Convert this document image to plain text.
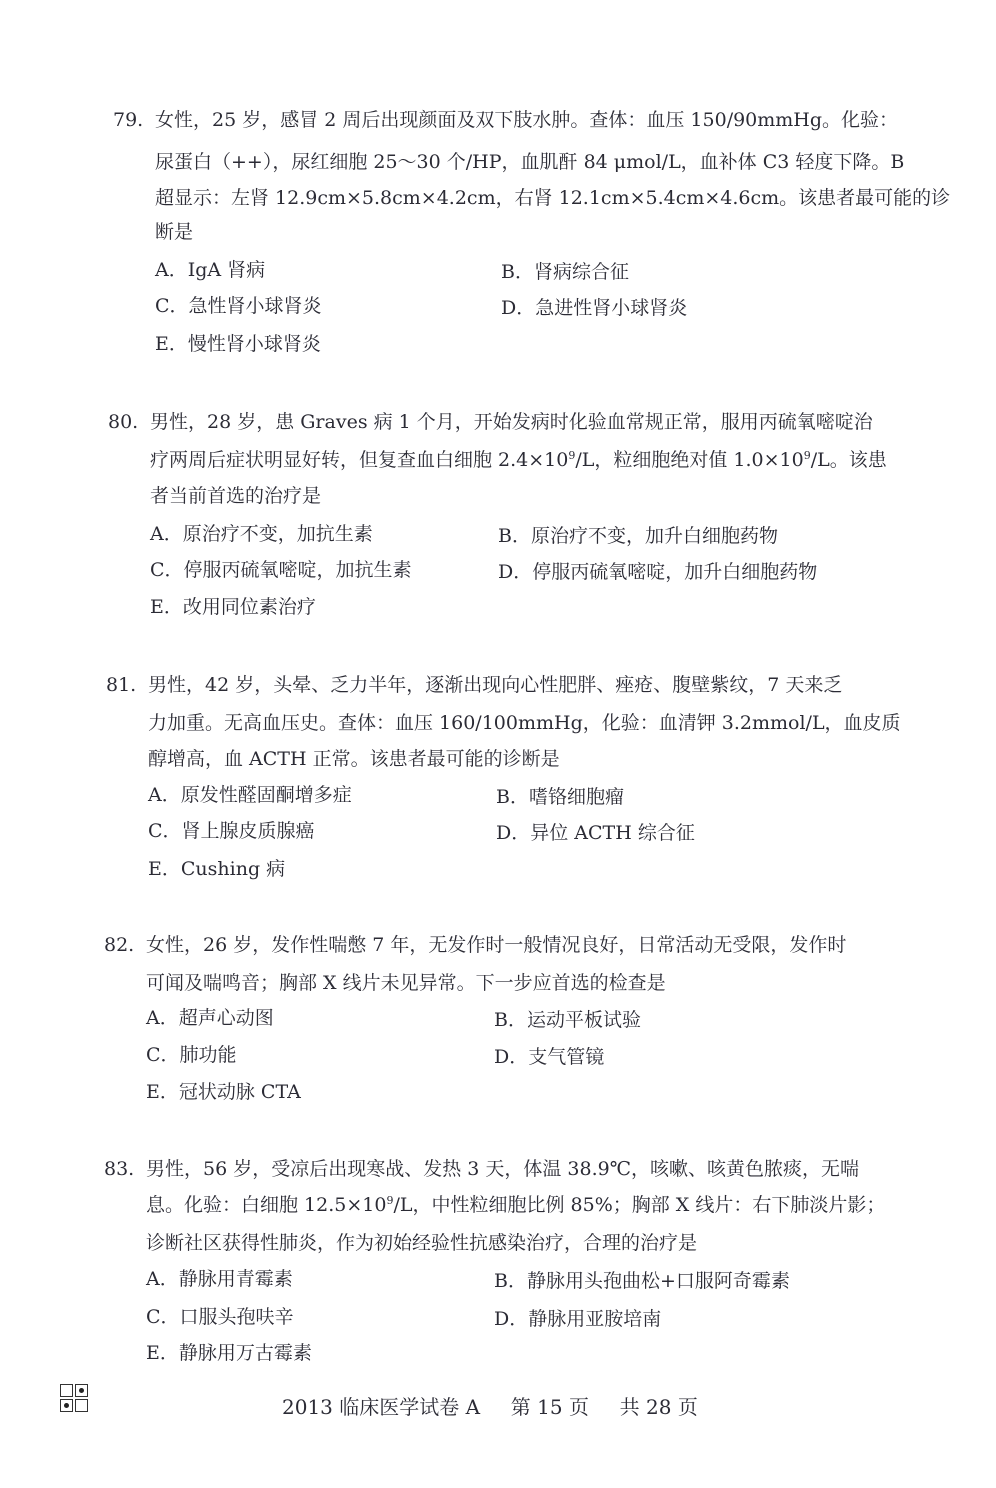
79. 女性，25 岁，感冒 2 周后出现颜面及双下肢水肿。查体：血压 150/90mmHg。化验：
尿蛋白（++），尿红细胞 25～30 个/HP，血肌酐 84 μmol/L，血补体 C3 轻度下降。B
超显示：左肾 12.9cm×5.8cm×4.2cm，右肾 12.1cm×5.4cm×4.6cm。该患者最可能的诊
断是
A．IgA 肾病	B．肾病综合征
C．急性肾小球肾炎	D．急进性肾小球肾炎
E．慢性肾小球肾炎
80. 男性，28 岁，患 Graves 病 1 个月，开始发病时化验血常规正常，服用丙硫氧嘧啶治
疗两周后症状明显好转，但复查血白细胞 $2.4\times 10^9/L$，粒细胞绝对值 $1.0\times 10^9/L$。该患
者当前首选的治疗是
A．原治疗不变，加抗生素	B．原治疗不变，加升白细胞药物
C．停服丙硫氧嘧啶，加抗生素	D．停服丙硫氧嘧啶，加升白细胞药物
E．改用同位素治疗
81. 男性，42 岁，头晕、乏力半年，逐渐出现向心性肥胖、痤疮、腹壁紫纹，7 天来乏
力加重。无高血压史。查体：血压 160/100mmHg，化验：血清钾 3.2mmol/L，血皮质
醇增高，血 ACTH 正常。该患者最可能的诊断是
A．原发性醛固酮增多症	B．嗜铬细胞瘤
C．肾上腺皮质腺癌	D．异位 ACTH 综合征
E．Cushing 病
82. 女性，26 岁，发作性喘憋 7 年，无发作时一般情况良好，日常活动无受限，发作时
可闻及喘鸣音；胸部 X 线片未见异常。下一步应首选的检查是
A．超声心动图	B．运动平板试验
C．肺功能	D．支气管镜
E．冠状动脉 CTA
83. 男性，56 岁，受凉后出现寒战、发热 3 天，体温 38.9℃，咳嗽、咳黄色脓痰，无喘
息。化验：白细胞 $12.5\times 10^9/L$，中性粒细胞比例 85%；胸部 X 线片：右下肺淡片影；
诊断社区获得性肺炎，作为初始经验性抗感染治疗，合理的治疗是
A．静脉用青霉素	B．静脉用头孢曲松+口服阿奇霉素
C．口服头孢呋辛	D．静脉用亚胺培南
E．静脉用万古霉素
2013 临床医学试卷 A 第 15 页 共 28 页
